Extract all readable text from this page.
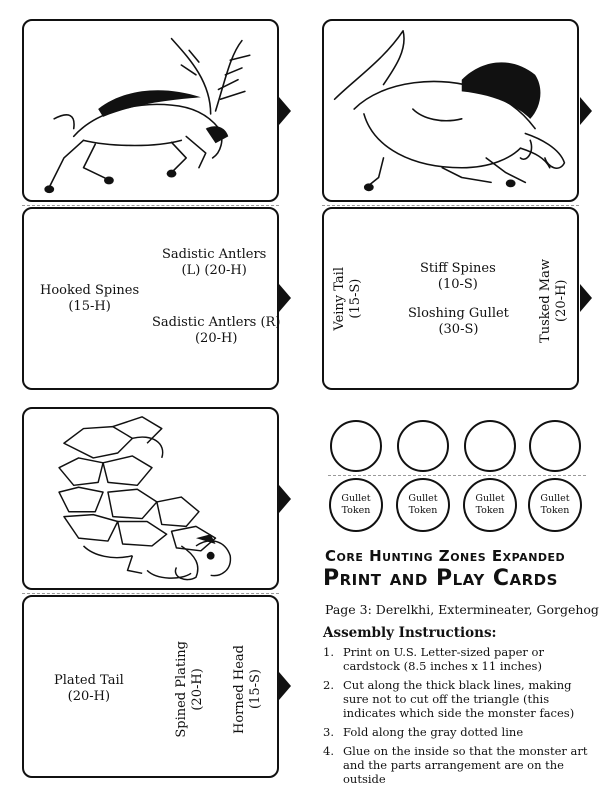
Hooked Spines
(15-H)
Sadistic Antlers
(L) (20-H)
Sadistic Antlers (R)
(20-H)
Veiny Tail (15-S)
Stiff Spines
(10-S)
Sloshing Gullet
(30-S)	Tusked Maw (20-H)
Plated Tail
(20-H)	Spined Plating (20-H) Horned Head (15-S)
Gullet
Token
Gullet
Token
Gullet
Token
Gullet
Token
Core Hunting Zones Expanded
Print and Play Cards
Page 3: Derelkhi, Extermineater, Gorgehog
Assembly Instructions:
1. Print on U.S. Letter-sized paper or cardstock (8.5 inches x 11 inches)
2. Cut along the thick black lines, making sure not to cut off the triangle (this indicates which side the monster faces)
3. Fold along the gray dotted line
4. Glue on the inside so that the monster art and the parts arrangement are on the outside
